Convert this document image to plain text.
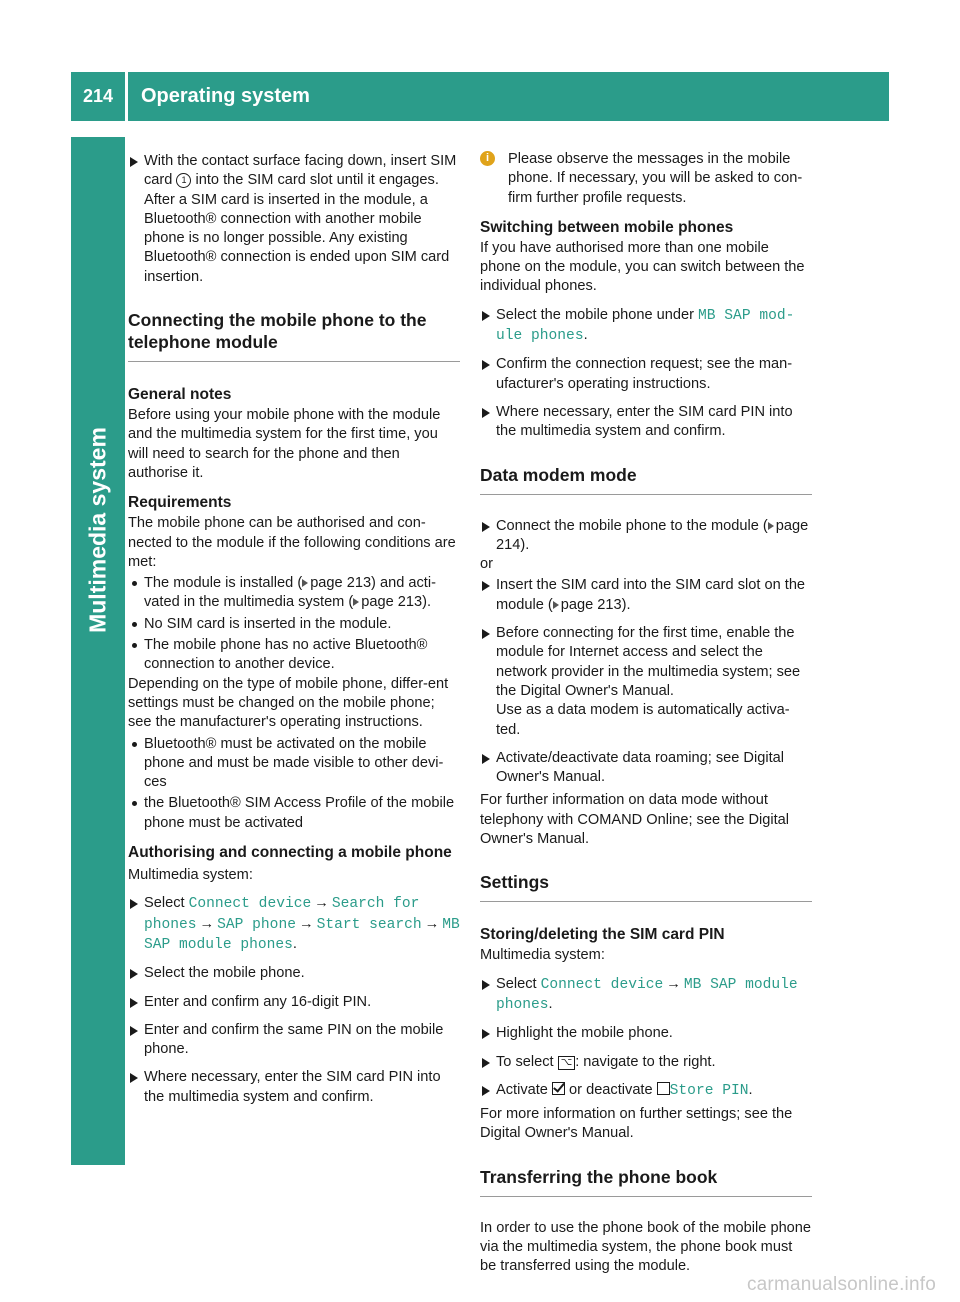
214	Operating system
Multimedia system

With the contact surface facing down, insert SIM card 1 into the SIM card slot until it engages.

After a SIM card is inserted in the module, a Bluetooth® connection with another mobile phone is no longer possible. Any existing Bluetooth® connection is ended upon SIM card insertion.

Connecting the mobile phone to the telephone module

General notes

Before using your mobile phone with the module and the multimedia system for the first time, you will need to search for the phone and then authorise it.

Requirements

The mobile phone can be authorised and con-nected to the module if the following conditions are met:

The module is installed ( page 213) and acti-vated in the multimedia system ( page 213).

No SIM card is inserted in the module.

The mobile phone has no active Bluetooth® connection to another device.

Depending on the type of mobile phone, differ-ent settings must be changed on the mobile phone; see the manufacturer's operating instructions.

Bluetooth® must be activated on the mobile phone and must be made visible to other devi-ces

the Bluetooth® SIM Access Profile of the mobile phone must be activated

Authorising and connecting a mobile phone

Multimedia system:

Select Connect device → Search for phones → SAP phone → Start search → MB SAP module phones.

Select the mobile phone.

Enter and confirm any 16-digit PIN.

Enter and confirm the same PIN on the mobile phone.

Where necessary, enter the SIM card PIN into the multimedia system and confirm.

i	Please observe the messages in the mobile phone. If necessary, you will be asked to con-firm further profile requests.

Switching between mobile phones

If you have authorised more than one mobile phone on the module, you can switch between the individual phones.

Select the mobile phone under MB SAP mod-ule phones.

Confirm the connection request; see the man-ufacturer's operating instructions.

Where necessary, enter the SIM card PIN into the multimedia system and confirm.

Data modem mode

Connect the mobile phone to the module ( page 214).

or

Insert the SIM card into the SIM card slot on the module ( page 213).

Before connecting for the first time, enable the module for Internet access and select the network provider in the multimedia system; see the Digital Owner's Manual.

Use as a data modem is automatically activa-ted.

Activate/deactivate data roaming; see Digital Owner's Manual.

For further information on data mode without telephony with COMAND Online; see the Digital Owner's Manual.

Settings

Storing/deleting the SIM card PIN

Multimedia system:

Select Connect device → MB SAP module phones.

Highlight the mobile phone.

To select ⌥ : navigate to the right.

Activate or deactivate Store PIN.

For more information on further settings; see the Digital Owner's Manual.

Transferring the phone book

In order to use the phone book of the mobile phone via the multimedia system, the phone book must be transferred using the module.

carmanualsonline.info
